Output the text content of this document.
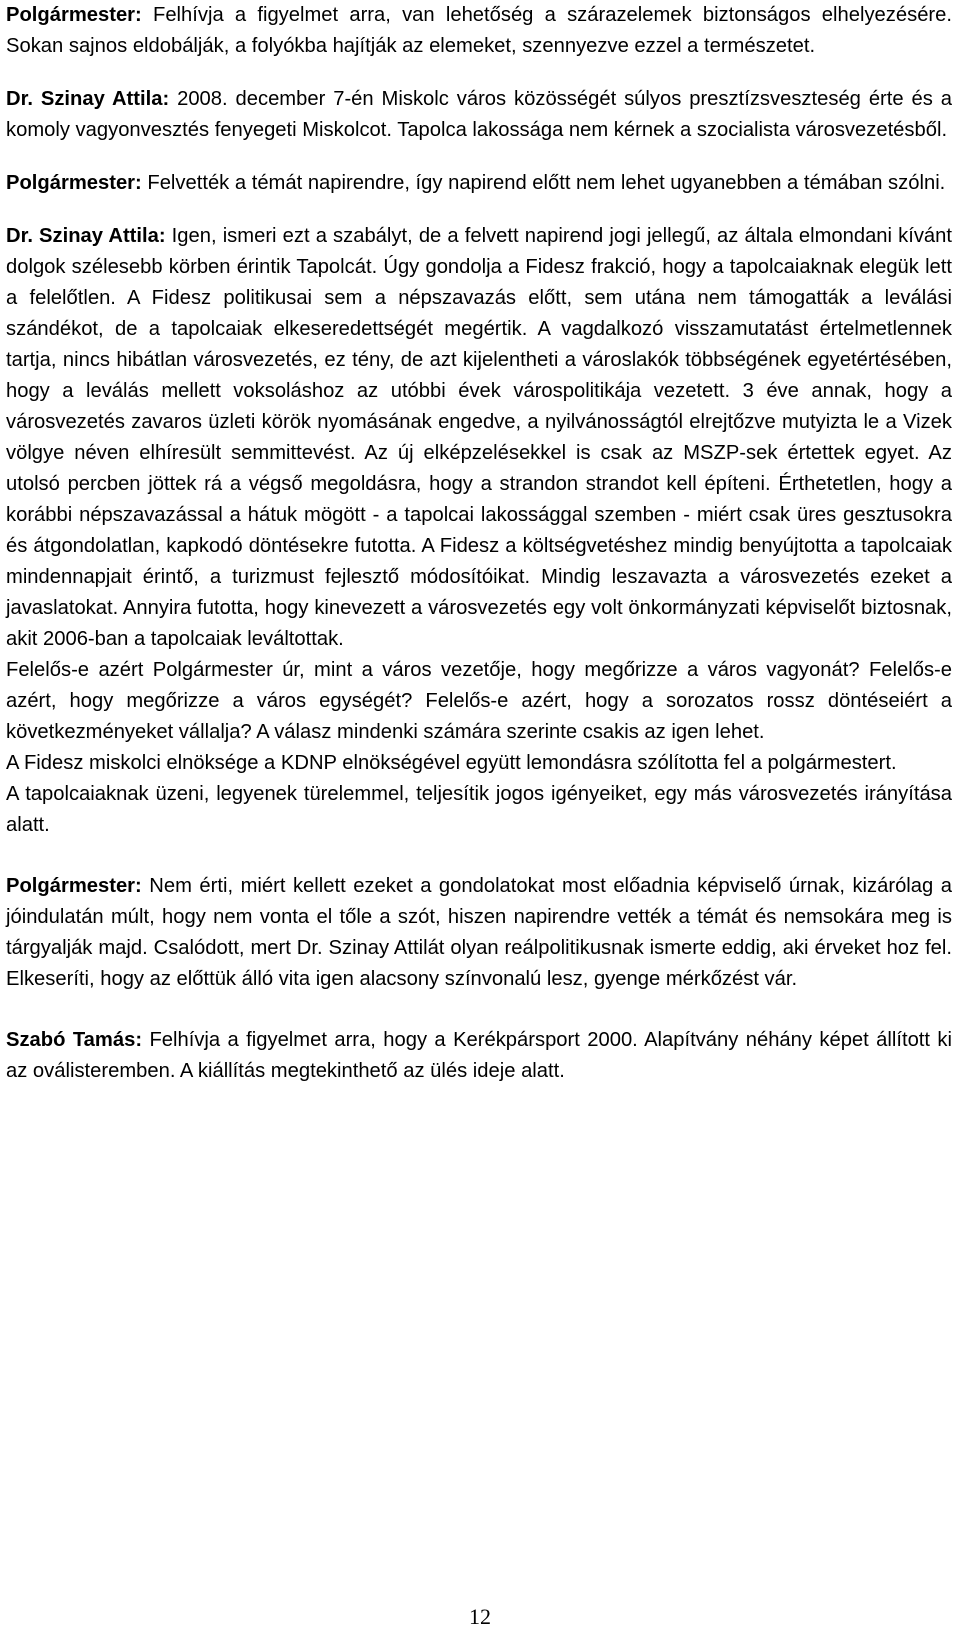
Polgármester: Felhívja a figyelmet arra, van lehetőség a szárazelemek biztonságos elhelyezésére. Sokan sajnos eldobálják, a folyókba hajítják az elemeket, szennyezve ezzel a természetet.

Dr. Szinay Attila: 2008. december 7-én Miskolc város közösségét súlyos presztízsveszteség érte és a komoly vagyonvesztés fenyegeti Miskolcot. Tapolca lakossága nem kérnek a szocialista városvezetésből.

Polgármester: Felvették a témát napirendre, így napirend előtt nem lehet ugyanebben a témában szólni.

Dr. Szinay Attila: Igen, ismeri ezt a szabályt, de a felvett napirend jogi jellegű, az általa elmondani kívánt dolgok szélesebb körben érintik Tapolcát. Úgy gondolja a Fidesz frakció, hogy a tapolcaiaknak elegük lett a felelőtlen. A Fidesz politikusai sem a népszavazás előtt, sem utána nem támogatták a leválási szándékot, de a tapolcaiak elkeseredettségét megértik. A vagdalkozó visszamutatást értelmetlennek tartja, nincs hibátlan városvezetés, ez tény, de azt kijelentheti a városlakók többségének egyetértésében, hogy a leválás mellett voksoláshoz az utóbbi évek várospolitikája vezetett. 3 éve annak, hogy a városvezetés zavaros üzleti körök nyomásának engedve, a nyilvánosságtól elrejtőzve mutyizta le a Vizek völgye néven elhíresült semmittevést. Az új elképzelésekkel is csak az MSZP-sek értettek egyet. Az utolsó percben jöttek rá a végső megoldásra, hogy a strandon strandot kell építeni. Érthetetlen, hogy a korábbi népszavazással a hátuk mögött - a tapolcai lakossággal szemben - miért csak üres gesztusokra és átgondolatlan, kapkodó döntésekre futotta. A Fidesz a költségvetéshez mindig benyújtotta a tapolcaiak mindennapjait érintő, a turizmust fejlesztő módosítóikat. Mindig leszavazta a városvezetés ezeket a javaslatokat. Annyira futotta, hogy kinevezett a városvezetés egy volt önkormányzati képviselőt biztosnak, akit 2006-ban a tapolcaiak leváltottak.

Felelős-e azért Polgármester úr, mint a város vezetője, hogy megőrizze a város vagyonát? Felelős-e azért, hogy megőrizze a város egységét? Felelős-e azért, hogy a sorozatos rossz döntéseiért a következményeket vállalja? A válasz mindenki számára szerinte csakis az igen lehet.

A Fidesz miskolci elnöksége a KDNP elnökségével együtt lemondásra szólította fel a polgármestert.

A tapolcaiaknak üzeni, legyenek türelemmel, teljesítik jogos igényeiket, egy más városvezetés irányítása alatt.

Polgármester: Nem érti, miért kellett ezeket a gondolatokat most előadnia képviselő úrnak, kizárólag a jóindulatán múlt, hogy nem vonta el tőle a szót, hiszen napirendre vették a témát és nemsokára meg is tárgyalják majd. Csalódott, mert Dr. Szinay Attilát olyan reálpolitikusnak ismerte eddig, aki érveket hoz fel. Elkeseríti, hogy az előttük álló vita igen alacsony színvonalú lesz, gyenge mérkőzést vár.

Szabó Tamás: Felhívja a figyelmet arra, hogy a Kerékpársport 2000. Alapítvány néhány képet állított ki az oválisteremben. A kiállítás megtekinthető az ülés ideje alatt.

12
